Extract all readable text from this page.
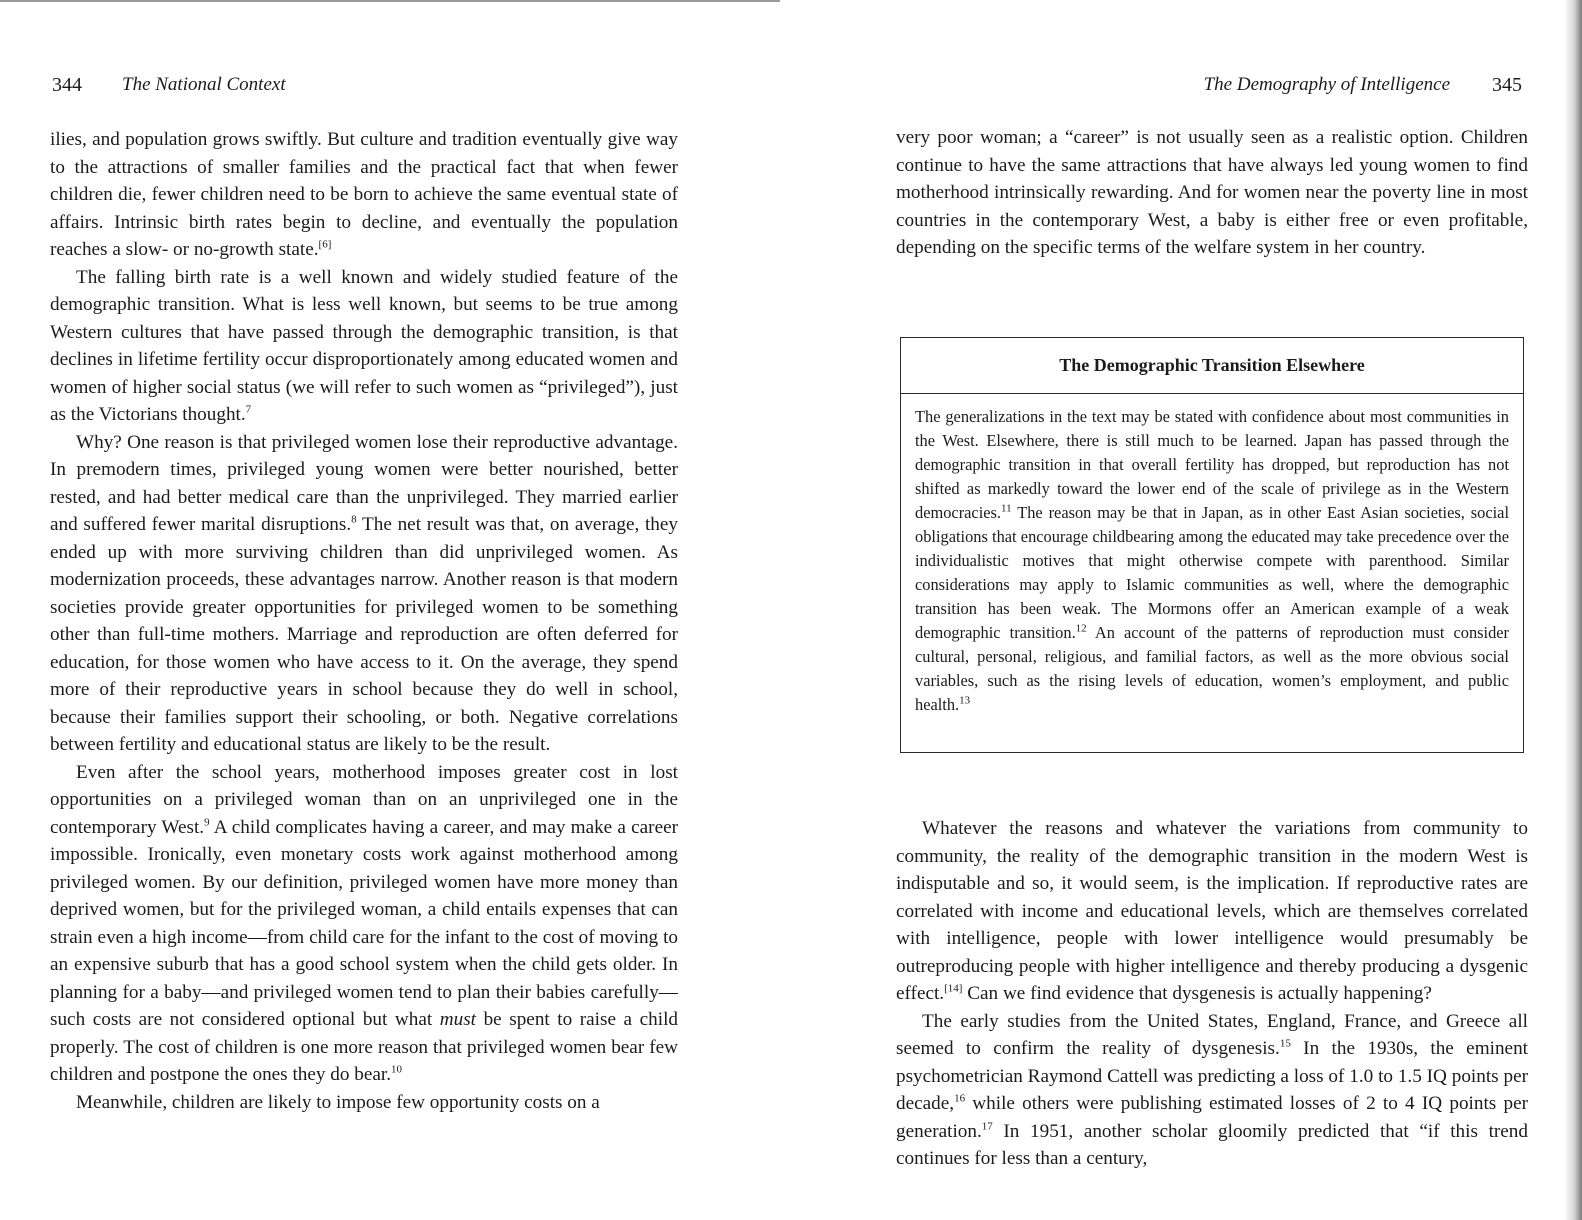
344 The National Context

ilies, and population grows swiftly. But culture and tradition eventually give way to the attractions of smaller families and the practical fact that when fewer children die, fewer children need to be born to achieve the same eventual state of affairs. Intrinsic birth rates begin to decline, and eventually the population reaches a slow- or no-growth state.[6]

The falling birth rate is a well known and widely studied feature of the demographic transition. What is less well known, but seems to be true among Western cultures that have passed through the demographic transition, is that declines in lifetime fertility occur disproportionately among educated women and women of higher social status (we will refer to such women as “privileged”), just as the Victorians thought.$^7$

Why? One reason is that privileged women lose their reproductive advantage. In premodern times, privileged young women were better nourished, better rested, and had better medical care than the unprivileged. They married earlier and suffered fewer marital disruptions.$^8$ The net result was that, on average, they ended up with more surviving children than did unprivileged women. As modernization proceeds, these advantages narrow. Another reason is that modern societies provide greater opportunities for privileged women to be something other than full-time mothers. Marriage and reproduction are often deferred for education, for those women who have access to it. On the average, they spend more of their reproductive years in school because they do well in school, because their families support their schooling, or both. Negative correlations between fertility and educational status are likely to be the result.

Even after the school years, motherhood imposes greater cost in lost opportunities on a privileged woman than on an unprivileged one in the contemporary West.$^9$ A child complicates having a career, and may make a career impossible. Ironically, even monetary costs work against motherhood among privileged women. By our definition, privileged women have more money than deprived women, but for the privileged woman, a child entails expenses that can strain even a high income—from child care for the infant to the cost of moving to an expensive suburb that has a good school system when the child gets older. In planning for a baby—and privileged women tend to plan their babies carefully—such costs are not considered optional but what must be spent to raise a child properly. The cost of children is one more reason that privileged women bear few children and postpone the ones they do bear.$^{10}$

Meanwhile, children are likely to impose few opportunity costs on a

The Demography of Intelligence 345

very poor woman; a “career” is not usually seen as a realistic option. Children continue to have the same attractions that have always led young women to find motherhood intrinsically rewarding. And for women near the poverty line in most countries in the contemporary West, a baby is either free or even profitable, depending on the specific terms of the welfare system in her country.

The Demographic Transition Elsewhere
The generalizations in the text may be stated with confidence about most communities in the West. Elsewhere, there is still much to be learned. Japan has passed through the demographic transition in that overall fertility has dropped, but reproduction has not shifted as markedly toward the lower end of the scale of privilege as in the Western democracies.$^{11}$ The reason may be that in Japan, as in other East Asian societies, social obligations that encourage childbearing among the educated may take precedence over the individualistic motives that might otherwise compete with parenthood. Similar considerations may apply to Islamic communities as well, where the demographic transition has been weak. The Mormons offer an American example of a weak demographic transition.$^{12}$ An account of the patterns of reproduction must consider cultural, personal, religious, and familial factors, as well as the more obvious social variables, such as the rising levels of education, women’s employment, and public health.$^{13}$

Whatever the reasons and whatever the variations from community to community, the reality of the demographic transition in the modern West is indisputable and so, it would seem, is the implication. If reproductive rates are correlated with income and educational levels, which are themselves correlated with intelligence, people with lower intelligence would presumably be outreproducing people with higher intelligence and thereby producing a dysgenic effect.[14] Can we find evidence that dysgenesis is actually happening?

The early studies from the United States, England, France, and Greece all seemed to confirm the reality of dysgenesis.$^{15}$ In the 1930s, the eminent psychometrician Raymond Cattell was predicting a loss of 1.0 to 1.5 IQ points per decade,$^{16}$ while others were publishing estimated losses of 2 to 4 IQ points per generation.$^{17}$ In 1951, another scholar gloomily predicted that “if this trend continues for less than a century,
